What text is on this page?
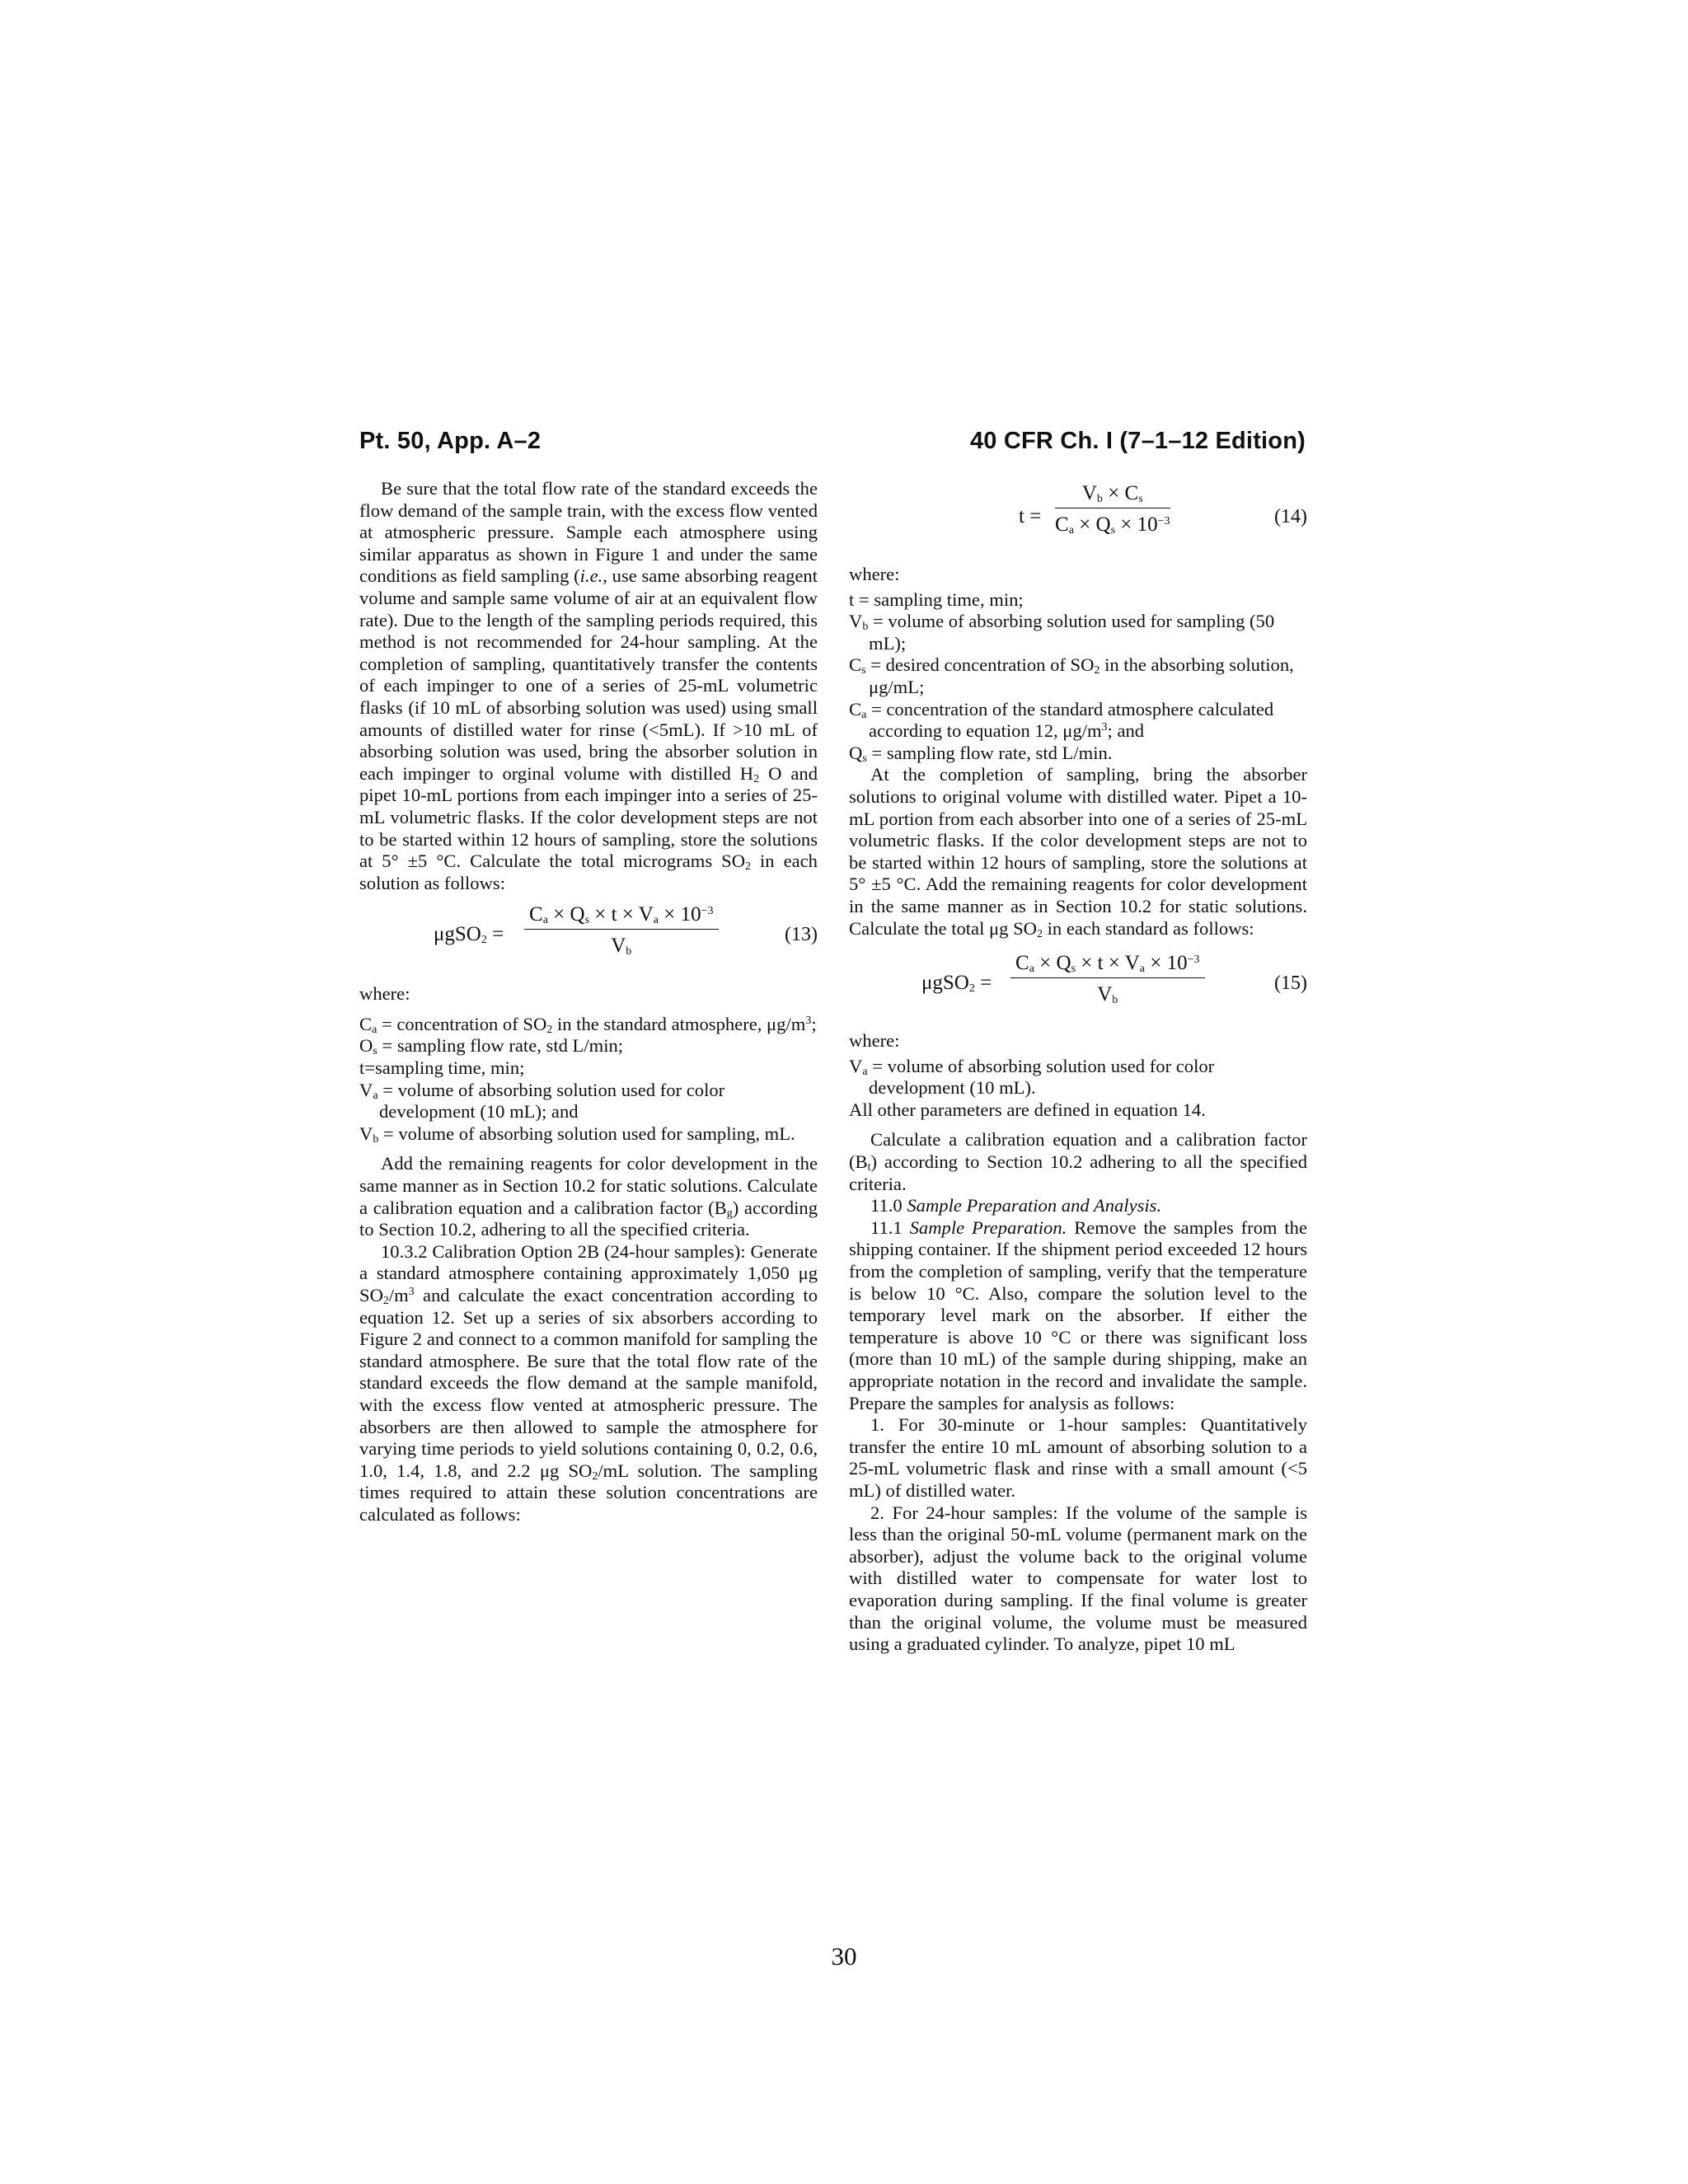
Pt. 50, App. A–2	40 CFR Ch. I (7–1–12 Edition)

Be sure that the total flow rate of the standard exceeds the flow demand of the sample train, with the excess flow vented at atmospheric pressure. Sample each atmosphere using similar apparatus as shown in Figure 1 and under the same conditions as field sampling (i.e., use same absorbing reagent volume and sample same volume of air at an equivalent flow rate). Due to the length of the sampling periods required, this method is not recommended for 24-hour sampling. At the completion of sampling, quantitatively transfer the contents of each impinger to one of a series of 25-mL volumetric flasks (if 10 mL of absorbing solution was used) using small amounts of distilled water for rinse (<5mL). If >10 mL of absorbing solution was used, bring the absorber solution in each impinger to orginal volume with distilled $H_2$ O and pipet 10-mL portions from each impinger into a series of 25-mL volumetric flasks. If the color development steps are not to be started within 12 hours of sampling, store the solutions at 5° ±5 °C. Calculate the total micrograms $SO_2$ in each solution as follows:

$\mu gSO_2 = \frac{C_a \times Q_s \times t \times V_a \times 10^{-3}}{V_b}$	(13)

where:

$C_a$ = concentration of $SO_2$ in the standard atmosphere, $\mu g/m^3$;

$O_s$ = sampling flow rate, std L/min;

t=sampling time, min;

$V_a$ = volume of absorbing solution used for color development (10 mL); and

$V_b$ = volume of absorbing solution used for sampling, mL.

Add the remaining reagents for color development in the same manner as in Section 10.2 for static solutions. Calculate a calibration equation and a calibration factor $(B_g)$ according to Section 10.2, adhering to all the specified criteria.

10.3.2 Calibration Option 2B (24-hour samples): Generate a standard atmosphere containing approximately 1,050 μg $SO_2/m^3$ and calculate the exact concentration according to equation 12. Set up a series of six absorbers according to Figure 2 and connect to a common manifold for sampling the standard atmosphere. Be sure that the total flow rate of the standard exceeds the flow demand at the sample manifold, with the excess flow vented at atmospheric pressure. The absorbers are then allowed to sample the atmosphere for varying time periods to yield solutions containing 0, 0.2, 0.6, 1.0, 1.4, 1.8, and 2.2 μg $SO_2/mL$ solution. The sampling times required to attain these solution concentrations are calculated as follows:

$t = \frac{V_b \times C_s}{C_a \times Q_s \times 10^{-3}}$	(14)

where:

t = sampling time, min;

$V_b$ = volume of absorbing solution used for sampling (50 mL);

$C_s$ = desired concentration of $SO_2$ in the absorbing solution, μg/mL;

$C_a$ = concentration of the standard atmosphere calculated according to equation 12, $\mu g/m^3$; and

$Q_s$ = sampling flow rate, std L/min.

At the completion of sampling, bring the absorber solutions to original volume with distilled water. Pipet a 10-mL portion from each absorber into one of a series of 25-mL volumetric flasks. If the color development steps are not to be started within 12 hours of sampling, store the solutions at 5° ±5 °C. Add the remaining reagents for color development in the same manner as in Section 10.2 for static solutions. Calculate the total μg $SO_2$ in each standard as follows:

$\mu gSO_2 = \frac{C_a \times Q_s \times t \times V_a \times 10^{-3}}{V_b}$	(15)

where:

$V_a$ = volume of absorbing solution used for color development (10 mL).

All other parameters are defined in equation 14.

Calculate a calibration equation and a calibration factor $(B_t)$ according to Section 10.2 adhering to all the specified criteria.

11.0 Sample Preparation and Analysis.

11.1 Sample Preparation. Remove the samples from the shipping container. If the shipment period exceeded 12 hours from the completion of sampling, verify that the temperature is below 10 °C. Also, compare the solution level to the temporary level mark on the absorber. If either the temperature is above 10 °C or there was significant loss (more than 10 mL) of the sample during shipping, make an appropriate notation in the record and invalidate the sample. Prepare the samples for analysis as follows:

1. For 30-minute or 1-hour samples: Quantitatively transfer the entire 10 mL amount of absorbing solution to a 25-mL volumetric flask and rinse with a small amount (<5 mL) of distilled water.

2. For 24-hour samples: If the volume of the sample is less than the original 50-mL volume (permanent mark on the absorber), adjust the volume back to the original volume with distilled water to compensate for water lost to evaporation during sampling. If the final volume is greater than the original volume, the volume must be measured using a graduated cylinder. To analyze, pipet 10 mL

30
